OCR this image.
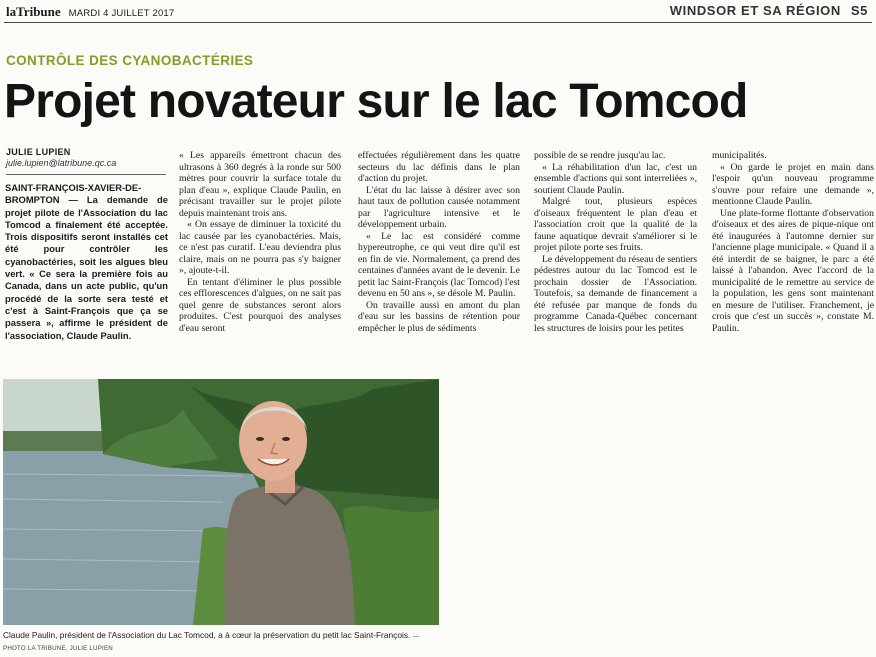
laTribune MARDI 4 JUILLET 2017	WINDSOR ET SA RÉGION S5
CONTRÔLE DES CYANOBACTÉRIES
Projet novateur sur le lac Tomcod
JULIE LUPIEN
julie.lupien@latribune.qc.ca
SAINT-FRANÇOIS-XAVIER-DE-BROMPTON — La demande de projet pilote de l'Association du lac Tomcod a finalement été acceptée. Trois dispositifs seront installés cet été pour contrôler les cyanobactéries, soit les algues bleu vert. « Ce sera la première fois au Canada, dans un acte public, qu'un procédé de la sorte sera testé et c'est à Saint-François que ça se passera », affirme le président de l'association, Claude Paulin.

« Les appareils émettront chacun des ultrasons à 360 degrés à la ronde sur 500 mètres pour couvrir la surface totale du plan d'eau », explique Claude Paulin, en précisant travailler sur le projet pilote depuis maintenant trois ans.

« On essaye de diminuer la toxicité du lac causée par les cyanobactéries. Mais, ce n'est pas curatif. L'eau deviendra plus claire, mais on ne pourra pas s'y baigner », ajoute-t-il.

En tentant d'éliminer le plus possible ces efflorescences d'algues, on ne sait pas quel genre de substances seront alors produites. C'est pourquoi des analyses d'eau seront

effectuées régulièrement dans les quatre secteurs du lac définis dans le plan d'action du projet.

L'état du lac laisse à désirer avec son haut taux de pollution causée notamment par l'agriculture intensive et le développement urbain.

« Le lac est considéré comme hypereutrophe, ce qui veut dire qu'il est en fin de vie. Normalement, ça prend des centaines d'années avant de le devenir. Le petit lac Saint-François (lac Tomcod) l'est devenu en 50 ans », se désole M. Paulin.

On travaille aussi en amont du plan d'eau sur les bassins de rétention pour empêcher le plus de sédiments

possible de se rendre jusqu'au lac.

« La réhabilitation d'un lac, c'est un ensemble d'actions qui sont interreliées », soutient Claude Paulin.

Malgré tout, plusieurs espèces d'oiseaux fréquentent le plan d'eau et l'association croit que la qualité de la faune aquatique devrait s'améliorer si le projet pilote porte ses fruits.

Le développement du réseau de sentiers pédestres autour du lac Tomcod est le prochain dossier de l'Association. Toutefois, sa demande de financement a été refusée par manque de fonds du programme Canada-Québec concernant les structures de loisirs pour les petites

municipalités.

« On garde le projet en main dans l'espoir qu'un nouveau programme s'ouvre pour refaire une demande », mentionne Claude Paulin.

Une plate-forme flottante d'observation d'oiseaux et des aires de pique-nique ont été inaugurées à l'automne dernier sur l'ancienne plage municipale. « Quand il a été interdit de se baigner, le parc a été laissé à l'abandon. Avec l'accord de la municipalité de le remettre au service de la population, les gens sont maintenant en mesure de l'utiliser. Franchement, je crois que c'est un succès », constate M. Paulin.

Claude Paulin, président de l'Association du Lac Tomcod, a à cœur la préservation du petit lac Saint-François. — PHOTO LA TRIBUNE, JULIE LUPIEN
